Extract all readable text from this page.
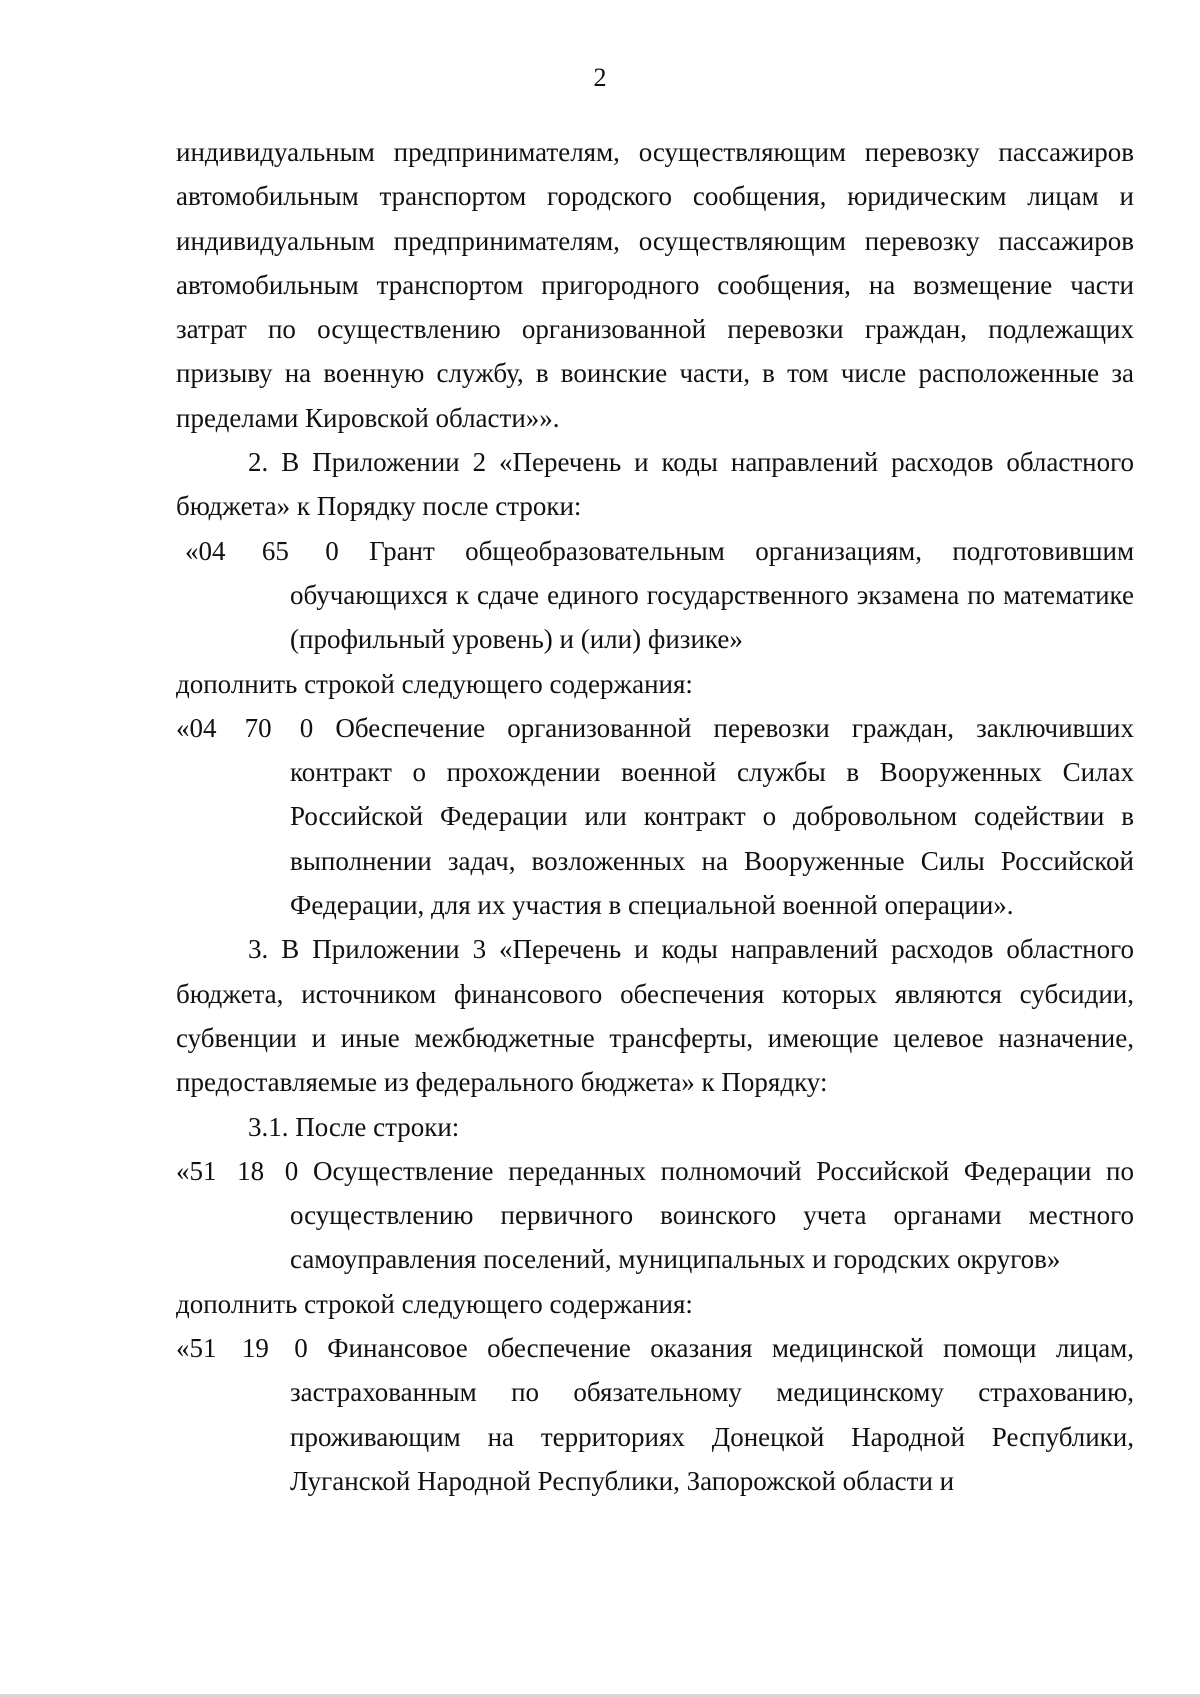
2

индивидуальным предпринимателям, осуществляющим перевозку пассажиров автомобильным транспортом городского сообщения, юридическим лицам и индивидуальным предпринимателям, осуществляющим перевозку пассажиров автомобильным транспортом пригородного сообщения, на возмещение части затрат по осуществлению организованной перевозки граждан, подлежащих призыву на военную службу, в воинские части, в том числе расположенные за пределами Кировской области»».

2. В Приложении 2 «Перечень и коды направлений расходов областного бюджета» к Порядку после строки:

«04 65 0 Грант общеобразовательным организациям, подготовившим обучающихся к сдаче единого государственного экзамена по математике (профильный уровень) и (или) физике»

дополнить строкой следующего содержания:

«04 70 0 Обеспечение организованной перевозки граждан, заключивших контракт о прохождении военной службы в Вооруженных Силах Российской Федерации или контракт о добровольном содействии в выполнении задач, возложенных на Вооруженные Силы Российской Федерации, для их участия в специальной военной операции».

3. В Приложении 3 «Перечень и коды направлений расходов областного бюджета, источником финансового обеспечения которых являются субсидии, субвенции и иные межбюджетные трансферты, имеющие целевое назначение, предоставляемые из федерального бюджета» к Порядку:

3.1. После строки:

«51 18 0 Осуществление переданных полномочий Российской Федерации по осуществлению первичного воинского учета органами местного самоуправления поселений, муниципальных и городских округов»

дополнить строкой следующего содержания:

«51 19 0 Финансовое обеспечение оказания медицинской помощи лицам, застрахованным по обязательному медицинскому страхованию, проживающим на территориях Донецкой Народной Республики, Луганской Народной Республики, Запорожской области и
